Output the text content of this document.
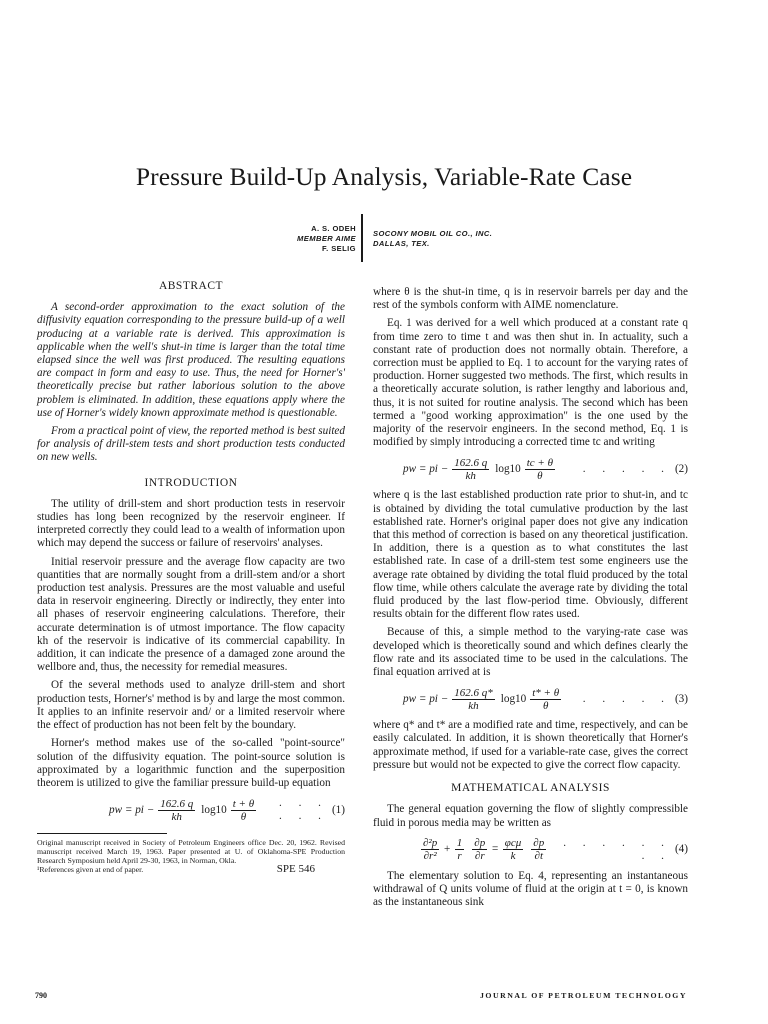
Pressure Build-Up Analysis, Variable-Rate Case
A. S. ODEH
MEMBER AIME
F. SELIG
SOCONY MOBIL OIL CO., INC.
DALLAS, TEX.
ABSTRACT

A second-order approximation to the exact solution of the diffusivity equation corresponding to the pressure build-up of a well producing at a variable rate is derived. This approximation is applicable when the well's shut-in time is larger than the total time elapsed since the well was first produced. The resulting equations are compact in form and easy to use. Thus, the need for Horner's' theoretically precise but rather laborious solution to the above problem is eliminated. In addition, these equations apply where the use of Horner's widely known approximate method is questionable.

From a practical point of view, the reported method is best suited for analysis of drill-stem tests and short production tests conducted on new wells.

INTRODUCTION

The utility of drill-stem and short production tests in reservoir studies has long been recognized by the reservoir engineer. If interpreted correctly they could lead to a wealth of information upon which may depend the success or failure of reservoirs' analyses.

Initial reservoir pressure and the average flow capacity are two quantities that are normally sought from a drill-stem and/or a short production test analysis. Pressures are the most valuable and useful data in reservoir engineering. Directly or indirectly, they enter into all phases of reservoir engineering calculations. Therefore, their accurate determination is of utmost importance. The flow capacity kh of the reservoir is indicative of its commercial capability. In addition, it can indicate the presence of a damaged zone around the wellbore and, thus, the necessity for remedial measures.

Of the several methods used to analyze drill-stem and short production tests, Horner's' method is by and large the most common. It applies to an infinite reservoir and/ or a limited reservoir where the effect of production has not been felt by the boundary.

Horner's method makes use of the so-called "point-source" solution of the diffusivity equation. The point-source solution is approximated by a logarithmic function and the superposition theorem is utilized to give the familiar pressure build-up equation

pw = pi − $\frac{162.6 q}{kh} \log 10 \frac{t + \theta}{\theta}$	. . . . . .
(1)

Original manuscript received in Society of Petroleum Engineers office Dec. 20, 1962. Revised manuscript received March 19, 1963. Paper presented at U. of Oklahoma-SPE Production Research Symposium held April 29-30, 1963, in Norman, Okla.

¹References given at end of paper.	SPE 546

where θ is the shut-in time, q is in reservoir barrels per day and the rest of the symbols conform with AIME nomenclature.

Eq. 1 was derived for a well which produced at a constant rate q from time zero to time t and was then shut in. In actuality, such a constant rate of production does not normally obtain. Therefore, a correction must be applied to Eq. 1 to account for the varying rates of production. Horner suggested two methods. The first, which results in a theoretically accurate solution, is rather lengthy and laborious and, thus, it is not suited for routine analysis. The second which has been termed a "good working approximation" is the one used by the majority of the reservoir engineers. In the second method, Eq. 1 is modified by simply introducing a corrected time tc and writing

pw = pi − $\frac{162.6 q}{kh} \log 10 \frac{tc + \theta}{\theta}$	. . . . . (2)

where q is the last established production rate prior to shut-in, and tc is obtained by dividing the total cumulative production by the last established rate. Horner's original paper does not give any indication that this method of correction is based on any theoretical justification. In addition, there is a question as to what constitutes the last established rate. In case of a drill-stem test some engineers use the average rate obtained by dividing the total fluid produced by the total flow time, while others calculate the average rate by dividing the total fluid produced by the last flow-period time. Obviously, different results obtain for the different flow rates used.

Because of this, a simple method to the varying-rate case was developed which is theoretically sound and which defines clearly the flow rate and its associated time to be used in the calculations. The final equation arrived at is

pw = pi − $\frac{162.6 q*}{kh} \log 10 \frac{t* + \theta}{\theta}$	. . . . . (3)

where q* and t* are a modified rate and time, respectively, and can be easily calculated. In addition, it is shown theoretically that Horner's approximate method, if used for a variable-rate case, gives the correct pressure but would not be expected to give the correct flow capacity.

MATHEMATICAL ANALYSIS

The general equation governing the flow of slightly compressible fluid in porous media may be written as

$\frac{\text{∂²p}}{\text{∂r²}} + \frac{1}{r} \frac{\partial p}{\partial r} = \frac{\text{φcμ}}{k} \frac{\partial p}{\partial t}$	. . . . . . . .
(4)

The elementary solution to Eq. 4, representing an instantaneous withdrawal of Q units volume of fluid at the origin at t = 0, is known as the instantaneous sink

790	JOURNAL OF PETROLEUM TECHNOLOGY
